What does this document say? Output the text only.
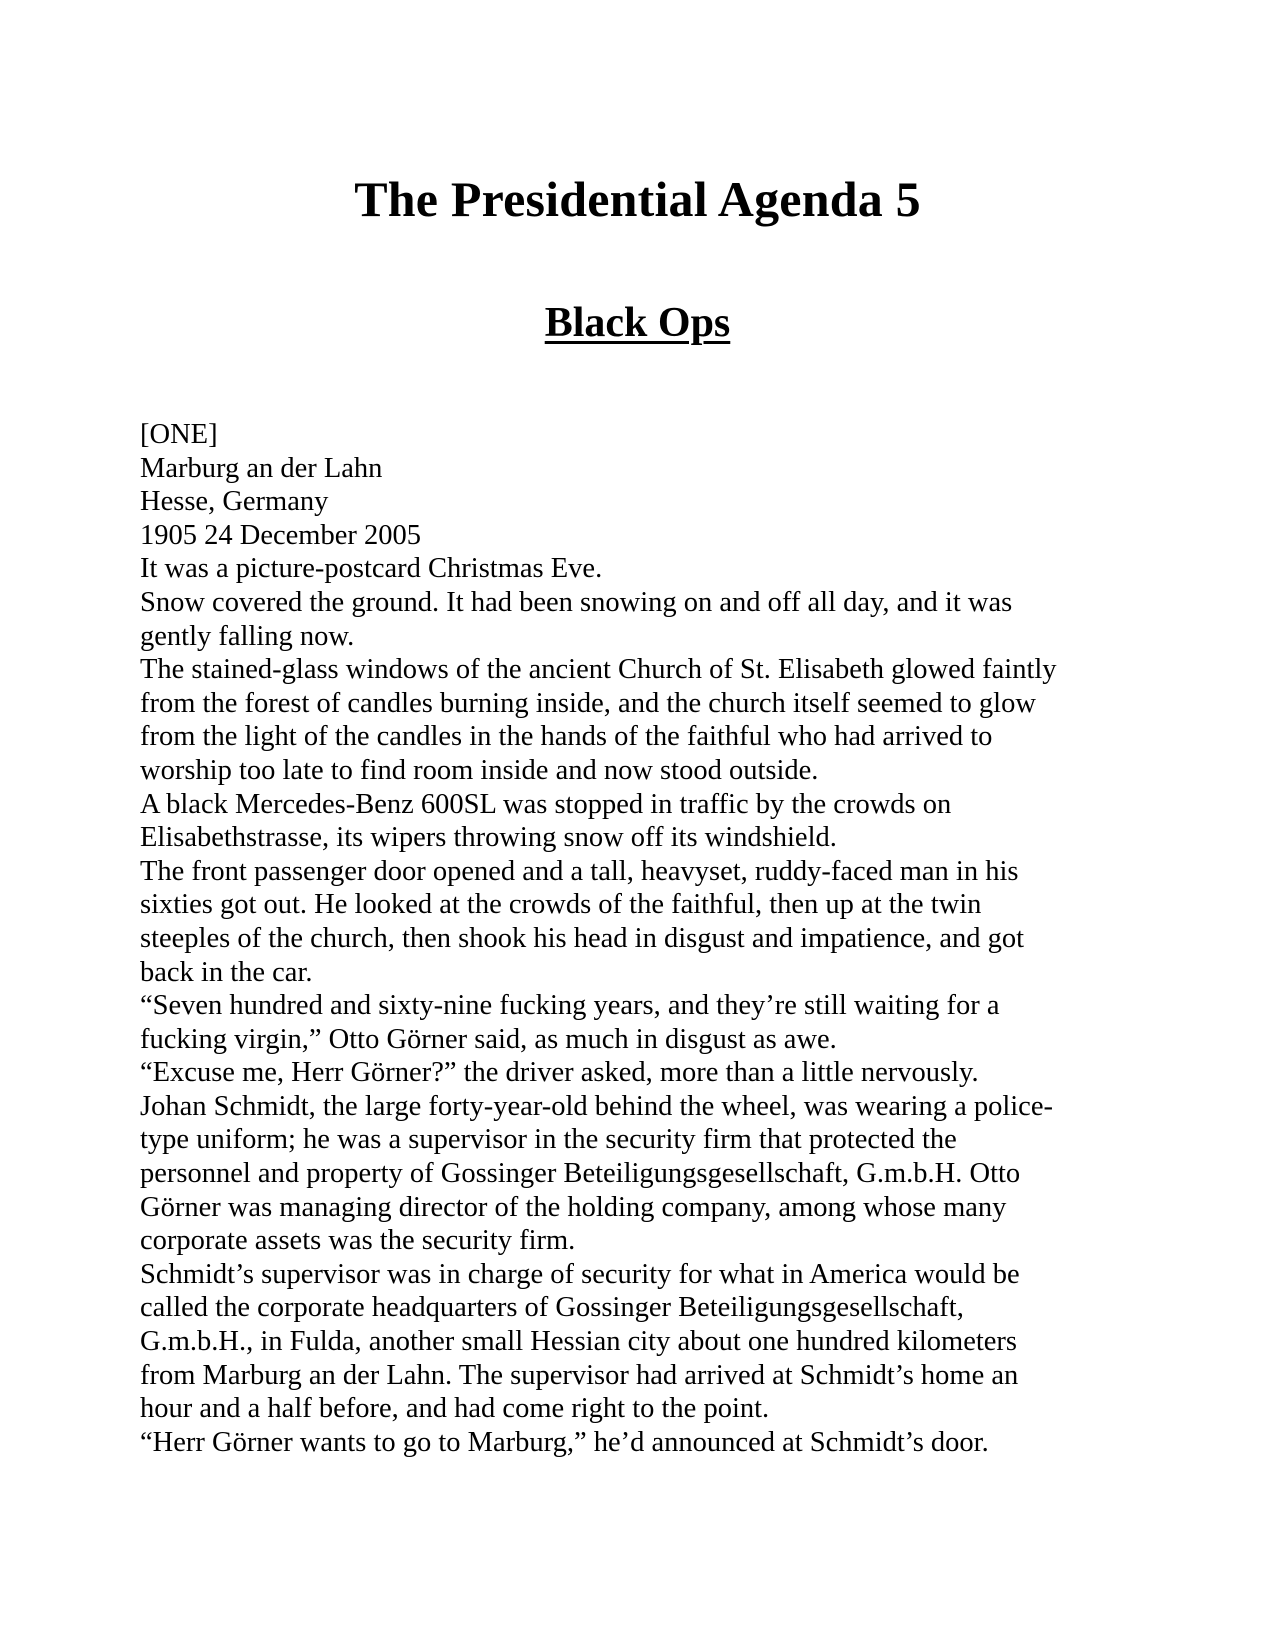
The Presidential Agenda 5
Black Ops

[ONE]

Marburg an der Lahn

Hesse, Germany

1905 24 December 2005

It was a picture-postcard Christmas Eve.

Snow covered the ground. It had been snowing on and off all day, and it was gently falling now.

The stained-glass windows of the ancient Church of St. Elisabeth glowed faintly from the forest of candles burning inside, and the church itself seemed to glow from the light of the candles in the hands of the faithful who had arrived to worship too late to find room inside and now stood outside.

A black Mercedes-Benz 600SL was stopped in traffic by the crowds on Elisabethstrasse, its wipers throwing snow off its windshield.

The front passenger door opened and a tall, heavyset, ruddy-faced man in his sixties got out. He looked at the crowds of the faithful, then up at the twin steeples of the church, then shook his head in disgust and impatience, and got back in the car.

“Seven hundred and sixty-nine fucking years, and they’re still waiting for a fucking virgin,” Otto Görner said, as much in disgust as awe.

“Excuse me, Herr Görner?” the driver asked, more than a little nervously.

Johan Schmidt, the large forty-year-old behind the wheel, was wearing a police-type uniform; he was a supervisor in the security firm that protected the personnel and property of Gossinger Beteiligungsgesellschaft, G.m.b.H. Otto Görner was managing director of the holding company, among whose many corporate assets was the security firm.

Schmidt’s supervisor was in charge of security for what in America would be called the corporate headquarters of Gossinger Beteiligungsgesellschaft, G.m.b.H., in Fulda, another small Hessian city about one hundred kilometers from Marburg an der Lahn. The supervisor had arrived at Schmidt’s home an hour and a half before, and had come right to the point.

“Herr Görner wants to go to Marburg,” he’d announced at Schmidt’s door.
